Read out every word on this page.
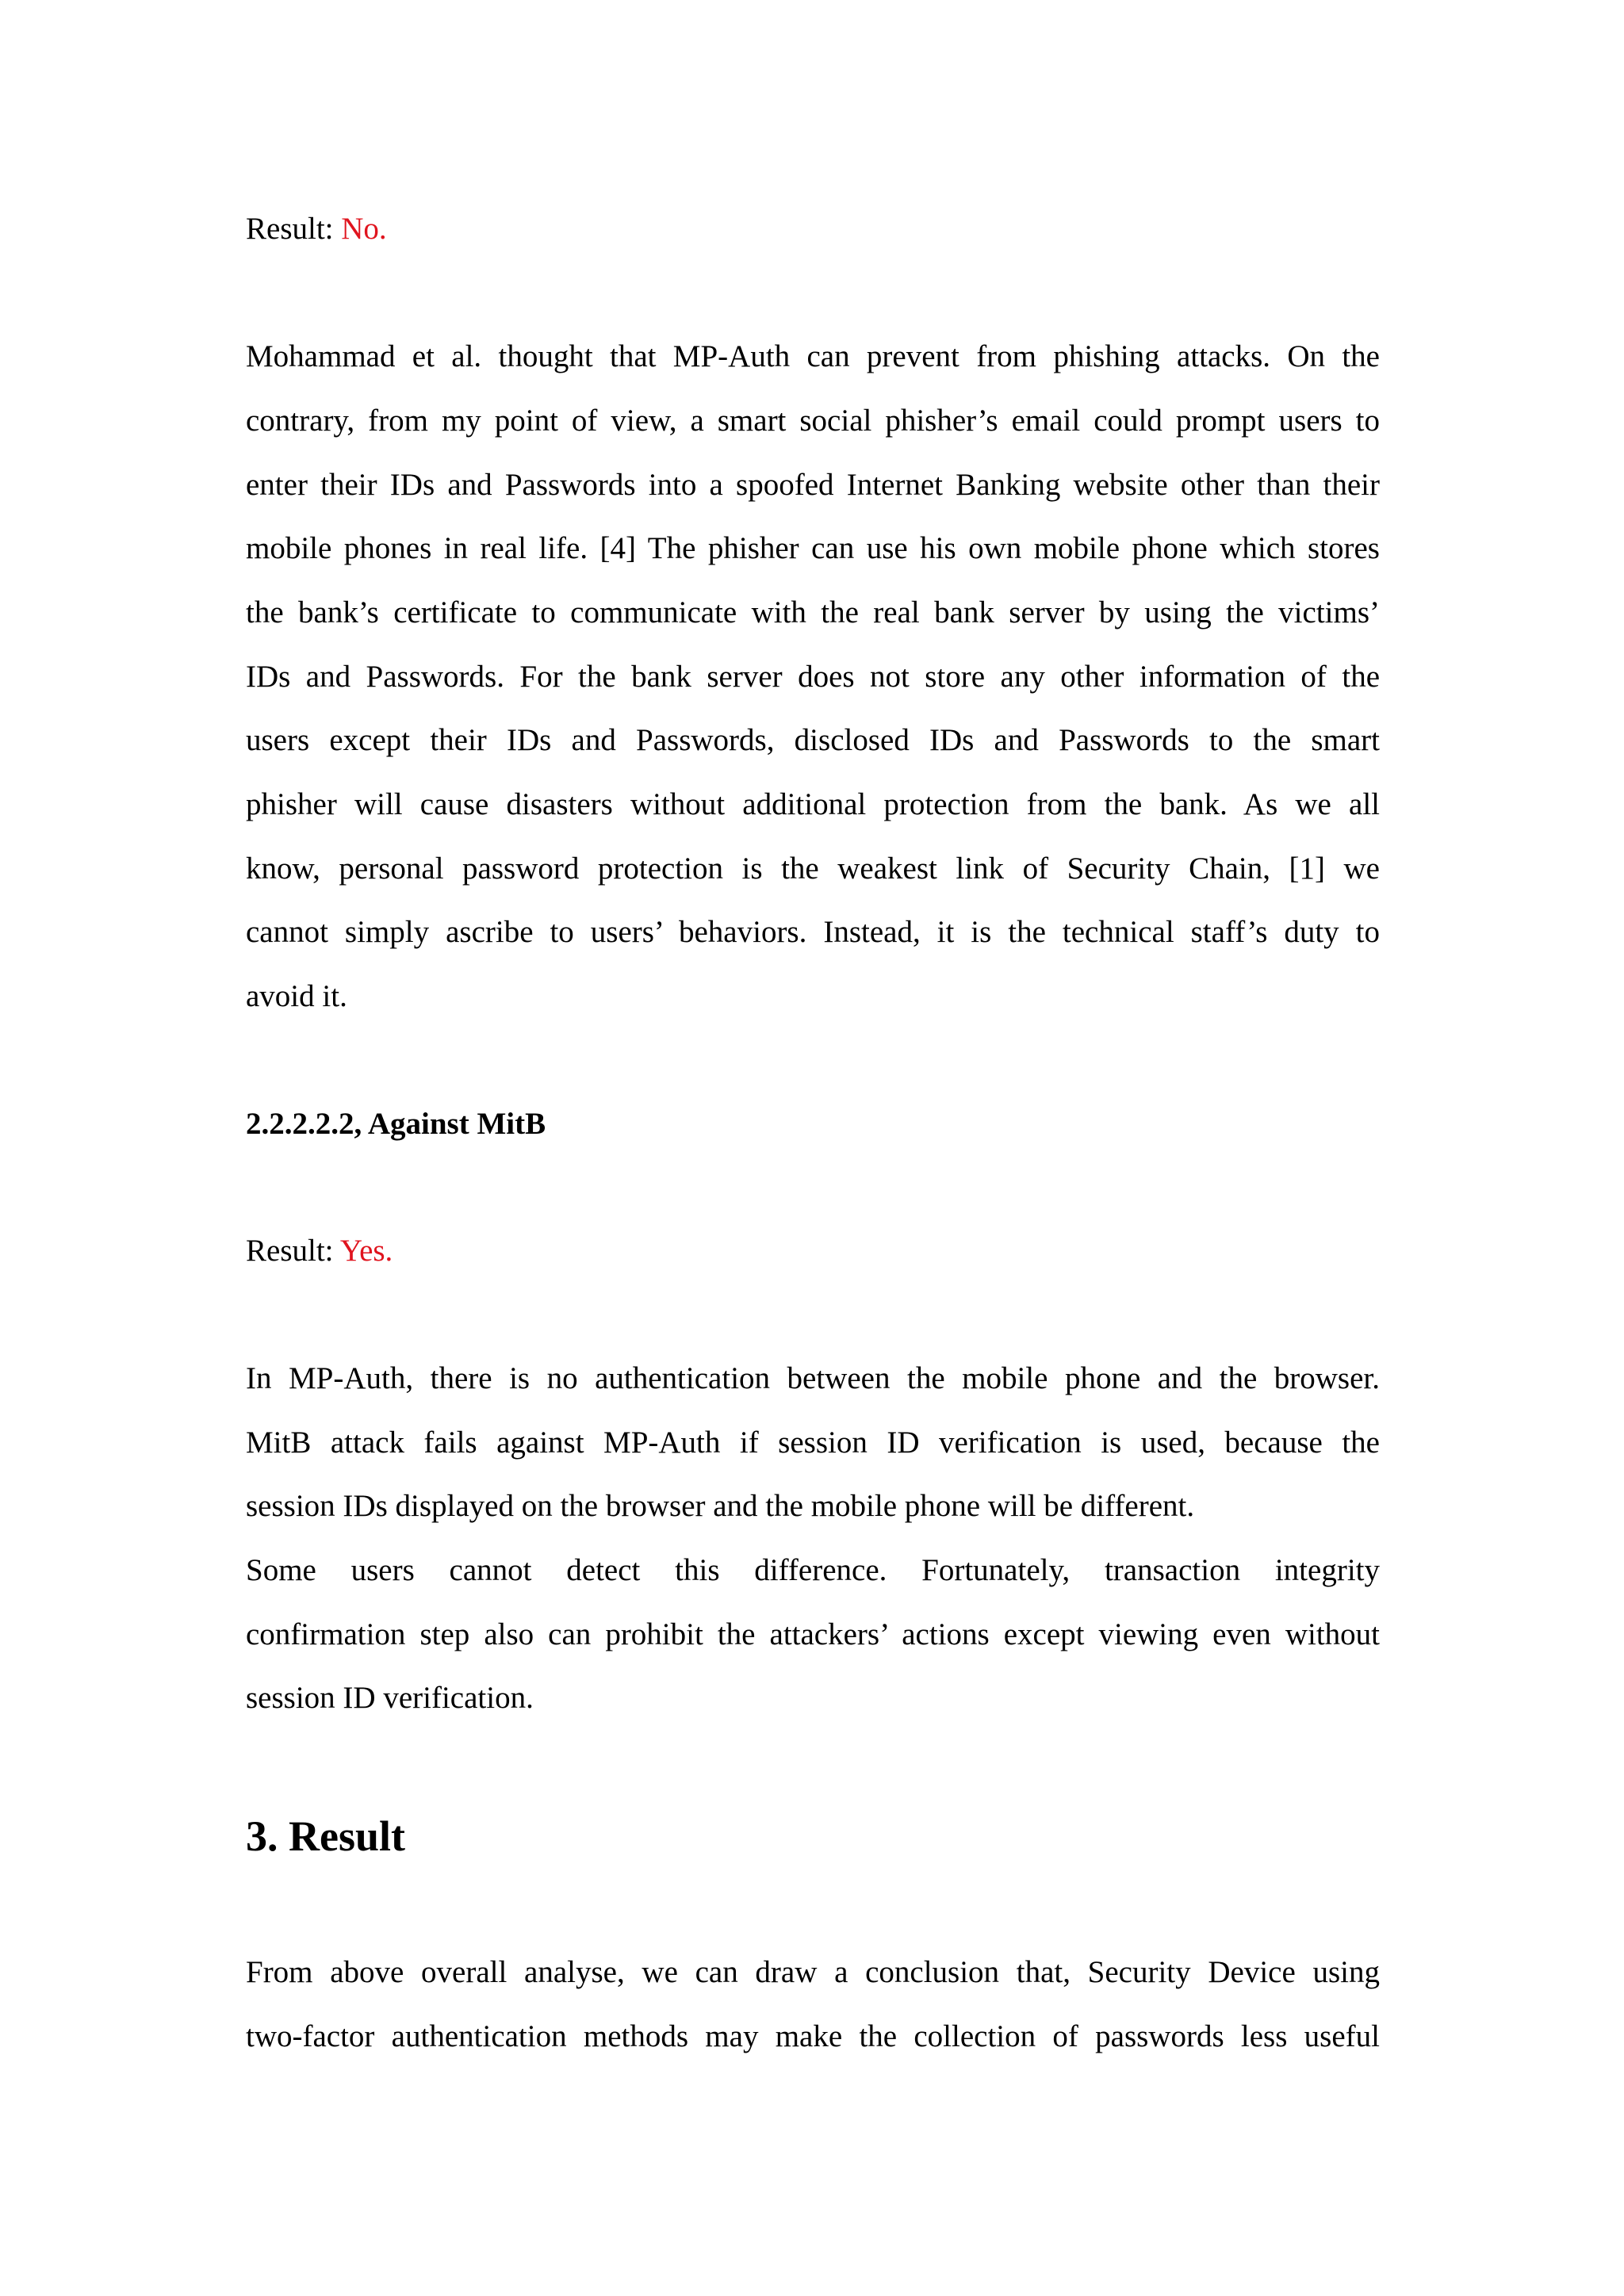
Result: No.
Mohammad et al. thought that MP-Auth can prevent from phishing attacks. On the
contrary, from my point of view, a smart social phisher’s email could prompt users to
enter their IDs and Passwords into a spoofed Internet Banking website other than their
mobile phones in real life. [4] The phisher can use his own mobile phone which stores
the bank’s certificate to communicate with the real bank server by using the victims’
IDs and Passwords. For the bank server does not store any other information of the
users except their IDs and Passwords, disclosed IDs and Passwords to the smart
phisher will cause disasters without additional protection from the bank. As we all
know, personal password protection is the weakest link of Security Chain, [1] we
cannot simply ascribe to users’ behaviors. Instead, it is the technical staff’s duty to
avoid it.
2.2.2.2.2, Against MitB
Result: Yes.
In MP-Auth, there is no authentication between the mobile phone and the browser.
MitB attack fails against MP-Auth if session ID verification is used, because the
session IDs displayed on the browser and the mobile phone will be different.
Some users cannot detect this difference. Fortunately, transaction integrity
confirmation step also can prohibit the attackers’ actions except viewing even without
session ID verification.
3. Result
From above overall analyse, we can draw a conclusion that, Security Device using
two-factor authentication methods may make the collection of passwords less useful
